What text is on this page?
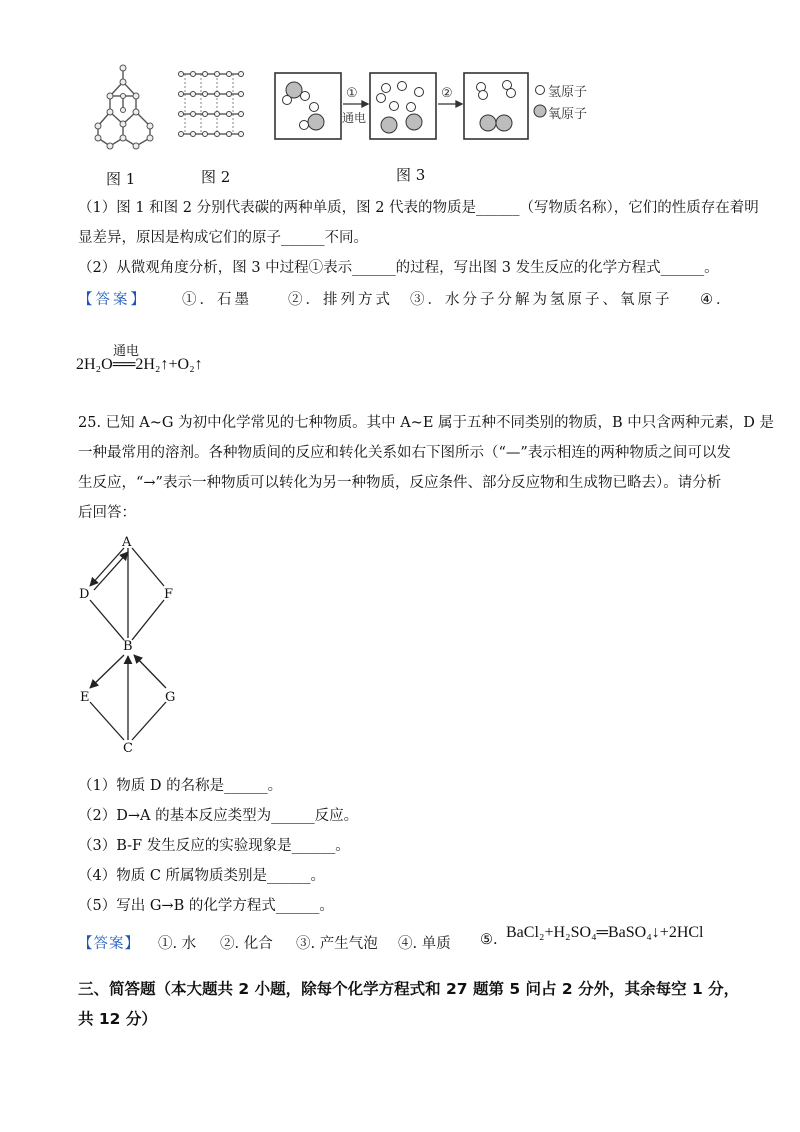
①
通电
②	氢原子
氧原子
图 1	图 2	图 3
（1）图 1 和图 2 分别代表碳的两种单质，图 2 代表的物质是______（写物质名称），它们的性质存在着明
显差异，原因是构成它们的原子______不同。
（2）从微观角度分析，图 3 中过程①表示______的过程，写出图 3 发生反应的化学方程式______。
【答案】 ①．石墨 ②．排列方式 ③．水分子分解为氢原子、氧原子 ④．
通电
2H₂O══2H₂↑+O₂↑
25. 已知 A~G 为初中化学常见的七种物质。其中 A~E 属于五种不同类别的物质，B 中只含两种元素，D 是
一种最常用的溶剂。各种物质间的反应和转化关系如右下图所示（“—”表示相连的两种物质之间可以发
生反应，“→”表示一种物质可以转化为另一种物质，反应条件、部分反应物和生成物已略去）。请分析
后回答：
A
D	F
B
E	G
C
（1）物质 D 的名称是______。
（2）D→A 的基本反应类型为______反应。
（3）B-F 发生反应的实验现象是______。
（4）物质 C 所属物质类别是______。
（5）写出 G→B 的化学方程式______。
【答案】 ①. 水 ②. 化合 ③. 产生气泡 ④. 单质 ⑤. BaCl₂+H₂SO₄═BaSO₄↓+2HCl
三、简答题（本大题共 2 小题，除每个化学方程式和 27 题第 5 问占 2 分外，其余每空 1 分，
共 12 分）
